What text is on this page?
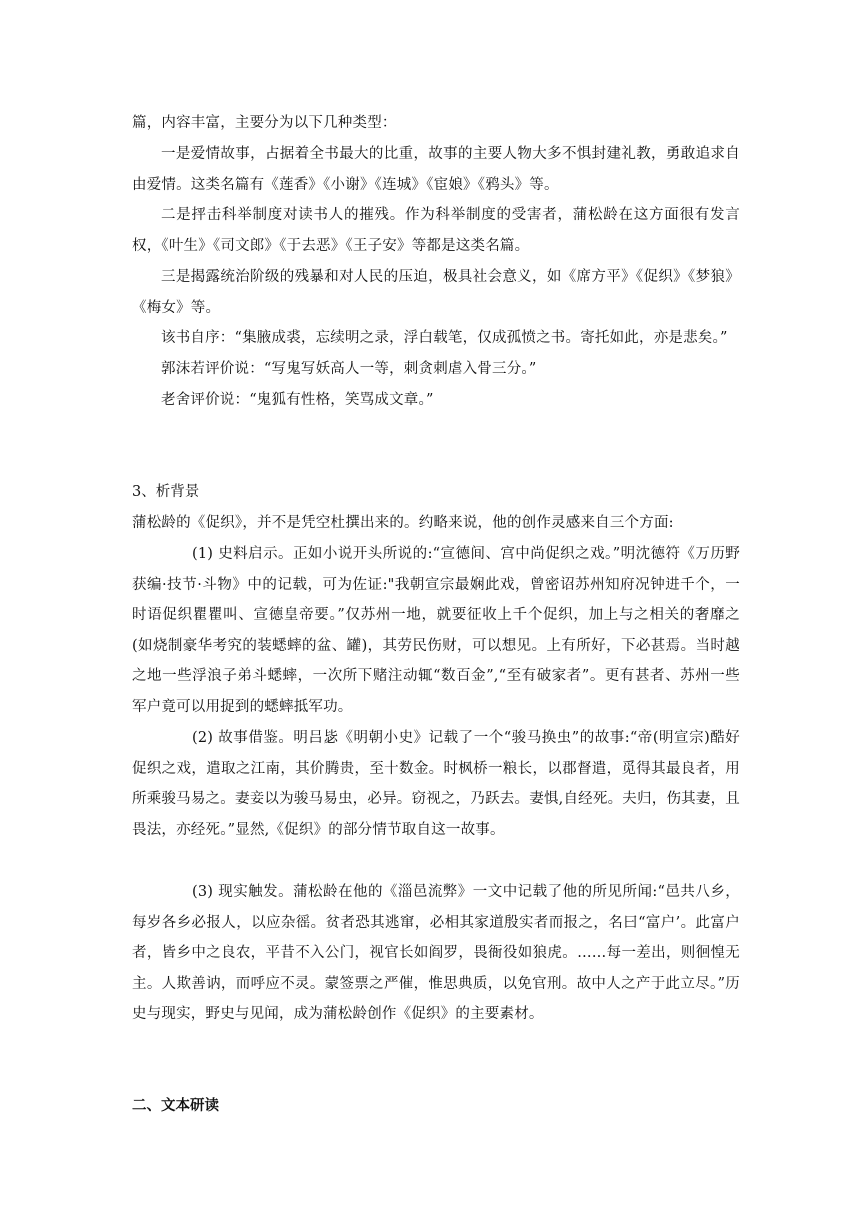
篇，内容丰富，主要分为以下几种类型：

一是爱情故事，占据着全书最大的比重，故事的主要人物大多不惧封建礼教，勇敢追求自由爱情。这类名篇有《莲香》《小谢》《连城》《宦娘》《鸦头》等。

二是抨击科举制度对读书人的摧残。作为科举制度的受害者，蒲松龄在这方面很有发言权，《叶生》《司文郎》《于去恶》《王子安》等都是这类名篇。

三是揭露统治阶级的残暴和对人民的压迫，极具社会意义，如《席方平》《促织》《梦狼》《梅女》等。

该书自序：“集腋成裘，忘续明之录，浮白载笔，仅成孤愤之书。寄托如此，亦是悲矣。”

郭沫若评价说：“写鬼写妖高人一等，刺贪刺虐入骨三分。”

老舍评价说：“鬼狐有性格，笑骂成文章。”

3、析背景

蒲松龄的《促织》，并不是凭空杜撰出来的。约略来说，他的创作灵感来自三个方面:

(1) 史料启示。正如小说开头所说的:“宣德间、宫中尚促织之戏。”明沈德符《万历野获编·技节·斗物》中的记载，可为佐证:"我朝宣宗最娴此戏，曾密诏苏州知府况钟进千个，一时语促织瞿瞿叫、宣德皇帝要。”仅苏州一地，就要征收上千个促织，加上与之相关的奢靡之(如烧制豪华考究的装蟋蟀的盆、罐)，其劳民伤财，可以想见。上有所好，下必甚焉。当时越之地一些浮浪子弟斗蟋蟀，一次所下赌注动辄“数百金”,“至有破家者”。更有甚者、苏州一些军户竟可以用捉到的蟋蟀抵军功。

(2) 故事借鉴。明吕毖《明朝小史》记载了一个“骏马换虫”的故事:“帝(明宣宗)酷好促织之戏，遣取之江南，其价腾贵，至十数金。时枫桥一粮长，以郡督遣，觅得其最良者，用所乘骏马易之。妻妾以为骏马易虫，必异。窃视之，乃跃去。妻惧,自经死。夫归，伤其妻，且畏法，亦经死。”显然,《促织》的部分情节取自这一故事。

(3) 现实触发。蒲松龄在他的《淄邑流弊》一文中记载了他的所见所闻:“邑共八乡，每岁各乡必报人，以应杂徭。贫者恐其逃窜，必相其家道殷实者而报之，名曰“富户’。此富户者，皆乡中之良农，平昔不入公门，视官长如阎罗，畏衙役如狼虎。……每一差出，则徊惶无主。人欺善讷，而呼应不灵。蒙签票之严催，惟思典质，以免官刑。故中人之产于此立尽。”历史与现实，野史与见闻，成为蒲松龄创作《促织》的主要素材。

二、文本研读
